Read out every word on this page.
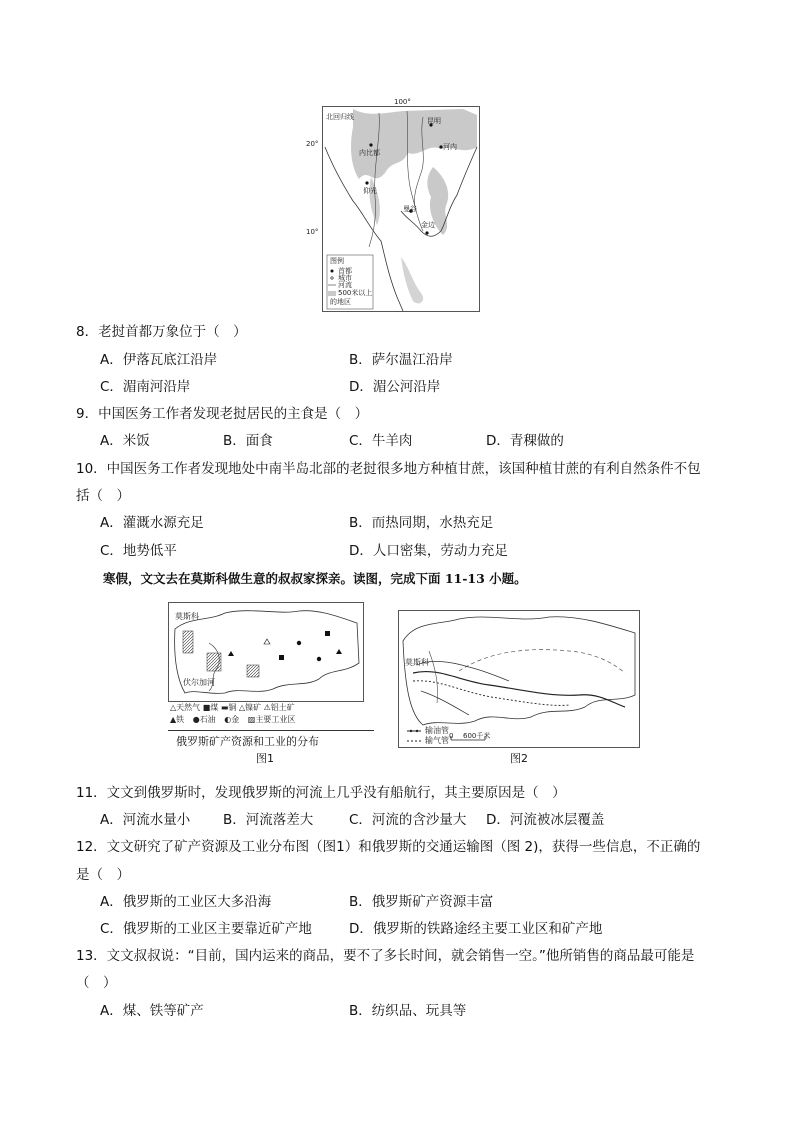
100°
20°
10°
北回归线	昆明
河内
内比都
仰光
曼谷
金边
图例
首都
城市
河流
500米以上
的地区
8．老挝首都万象位于（　）
A．伊落瓦底江沿岸	B．萨尔温江沿岸
C．湄南河沿岸	D．湄公河沿岸
9．中国医务工作者发现老挝居民的主食是（　）
A．米饭	B．面食	C．牛羊肉	D．青稞做的
10．中国医务工作者发现地处中南半岛北部的老挝很多地方种植甘蔗，该国种植甘蔗的有利自然条件不包
括（　）
A．灌溉水源充足	B．而热同期，水热充足
C．地势低平	D．人口密集，劳动力充足
寒假，文文去在莫斯科做生意的叔叔家探亲。读图，完成下面 11-13 小题。
莫斯科
伏尔加河
△天然气 ■煤 ▬铜 △镍矿 ⚠铝土矿
▲铁 ●石油 ◐金 ▨主要工业区
俄罗斯矿产资源和工业的分布
图1
莫斯科
输油管
输气管 0 600千米
图2
11．文文到俄罗斯时，发现俄罗斯的河流上几乎没有船航行，其主要原因是（　）
A．河流水量小 B．河流落差大	C．河流的含沙量大 D．河流被冰层覆盖
12．文文研究了矿产资源及工业分布图（图1）和俄罗斯的交通运输图（图 2)，获得一些信息，不正确的
是（　）
A．俄罗斯的工业区大多沿海	B．俄罗斯矿产资源丰富
C．俄罗斯的工业区主要靠近矿产地	D．俄罗斯的铁路途经主要工业区和矿产地
13．文文叔叔说：“目前，国内运来的商品，要不了多长时间，就会销售一空。”他所销售的商品最可能是
（　）
A．煤、铁等矿产	B．纺织品、玩具等
